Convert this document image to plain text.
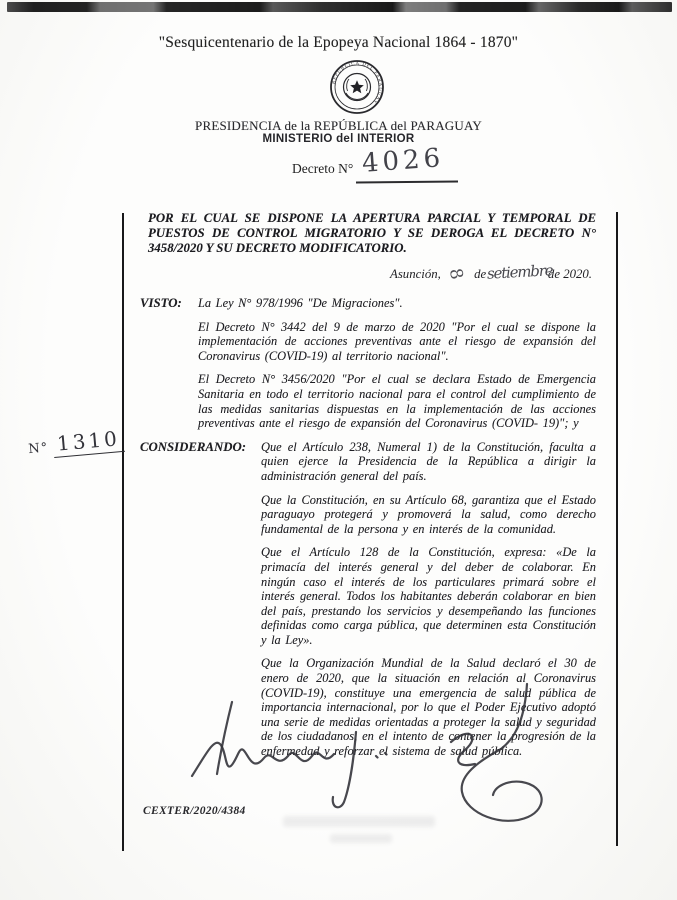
"Sesquicentenario de la Epopeya Nacional 1864 - 1870"
REPUBLICA DEL PARAGUAY
PRESIDENCIA de la REPÚBLICA del PARAGUAY
MINISTERIO del INTERIOR
Decreto N° 4026
N° 1310
POR EL CUAL SE DISPONE LA APERTURA PARCIAL Y TEMPORAL DE
PUESTOS DE CONTROL MIGRATORIO Y SE DEROGA EL DECRETO N°
3458/2020 Y SU DECRETO MODIFICATORIO.
Asunción, 8 de setiembre de 2020.
VISTO:	La Ley N° 978/1996 "De Migraciones".

El Decreto N° 3442 del 9 de marzo de 2020 "Por el cual se dispone la implementación de acciones preventivas ante el riesgo de expansión del Coronavirus (COVID-19) al territorio nacional".

El Decreto N° 3456/2020 "Por el cual se declara Estado de Emergencia Sanitaria en todo el territorio nacional para el control del cumplimiento de las medidas sanitarias dispuestas en la implementación de las acciones preventivas ante el riesgo de expansión del Coronavirus (COVID- 19)"; y

CONSIDERANDO:	Que el Artículo 238, Numeral 1) de la Constitución, faculta a quien ejerce la Presidencia de la República a dirigir la administración general del país.

Que la Constitución, en su Artículo 68, garantiza que el Estado paraguayo protegerá y promoverá la salud, como derecho fundamental de la persona y en interés de la comunidad.

Que el Artículo 128 de la Constitución, expresa: «De la primacía del interés general y del deber de colaborar. En ningún caso el interés de los particulares primará sobre el interés general. Todos los habitantes deberán colaborar en bien del país, prestando los servicios y desempeñando las funciones definidas como carga pública, que determinen esta Constitución y la Ley».

Que la Organización Mundial de la Salud declaró el 30 de enero de 2020, que la situación en relación al Coronavirus (COVID-19), constituye una emergencia de salud pública de importancia internacional, por lo que el Poder Ejecutivo adoptó una serie de medidas orientadas a proteger la salud y seguridad de los ciudadanos, en el intento de contener la progresión de la enfermedad y reforzar el sistema de salud pública.

CEXTER/2020/4384
